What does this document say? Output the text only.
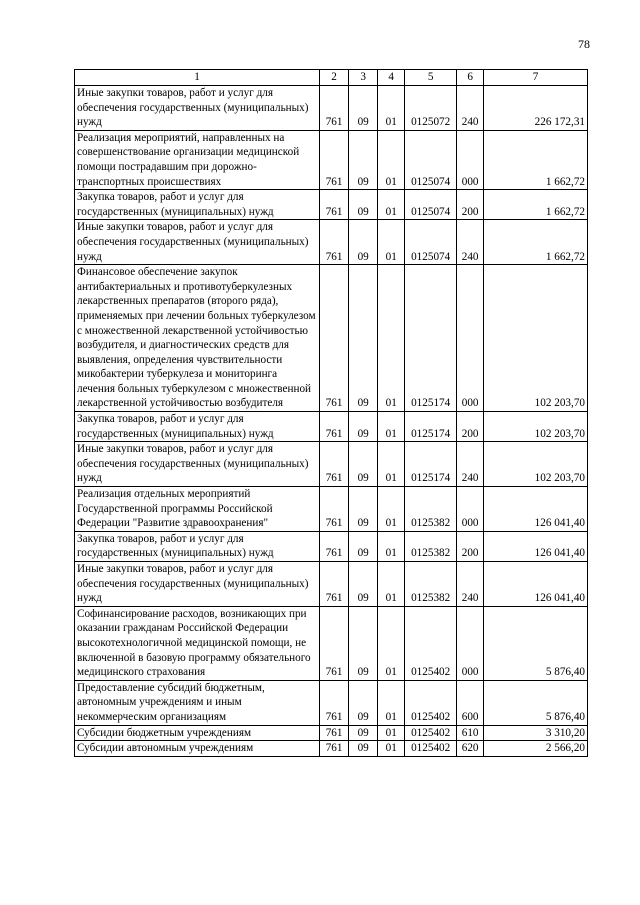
78
1	2	3	4	5	6	7
Иные закупки товаров, работ и услуг для обеспечения государственных (муниципальных) нужд	761	09	01	0125072	240	226 172,31
Реализация мероприятий, направленных на совершенствование организации медицинской помощи пострадавшим при дорожно-транспортных происшествиях	761	09	01	0125074	000	1 662,72
Закупка товаров, работ и услуг для государственных (муниципальных) нужд	761	09	01	0125074	200	1 662,72
Иные закупки товаров, работ и услуг для обеспечения государственных (муниципальных) нужд	761	09	01	0125074	240	1 662,72
Финансовое обеспечение закупок антибактериальных и противотуберкулезных лекарственных препаратов (второго ряда), применяемых при лечении больных туберкулезом с множественной лекарственной устойчивостью возбудителя, и диагностических средств для выявления, определения чувствительности микобактерии туберкулеза и мониторинга лечения больных туберкулезом с множественной лекарственной устойчивостью возбудителя	761	09	01	0125174	000	102 203,70
Закупка товаров, работ и услуг для государственных (муниципальных) нужд	761	09	01	0125174	200	102 203,70
Иные закупки товаров, работ и услуг для обеспечения государственных (муниципальных) нужд	761	09	01	0125174	240	102 203,70
Реализация отдельных мероприятий Государственной программы Российской Федерации "Развитие здравоохранения"	761	09	01	0125382	000	126 041,40
Закупка товаров, работ и услуг для государственных (муниципальных) нужд	761	09	01	0125382	200	126 041,40
Иные закупки товаров, работ и услуг для обеспечения государственных (муниципальных) нужд	761	09	01	0125382	240	126 041,40
Софинансирование расходов, возникающих при оказании гражданам Российской Федерации высокотехнологичной медицинской помощи, не включенной в базовую программу обязательного медицинского страхования	761	09	01	0125402	000	5 876,40
Предоставление субсидий бюджетным, автономным учреждениям и иным некоммерческим организациям	761	09	01	0125402	600	5 876,40
Субсидии бюджетным учреждениям	761	09	01	0125402	610	3 310,20
Субсидии автономным учреждениям	761	09	01	0125402	620	2 566,20
